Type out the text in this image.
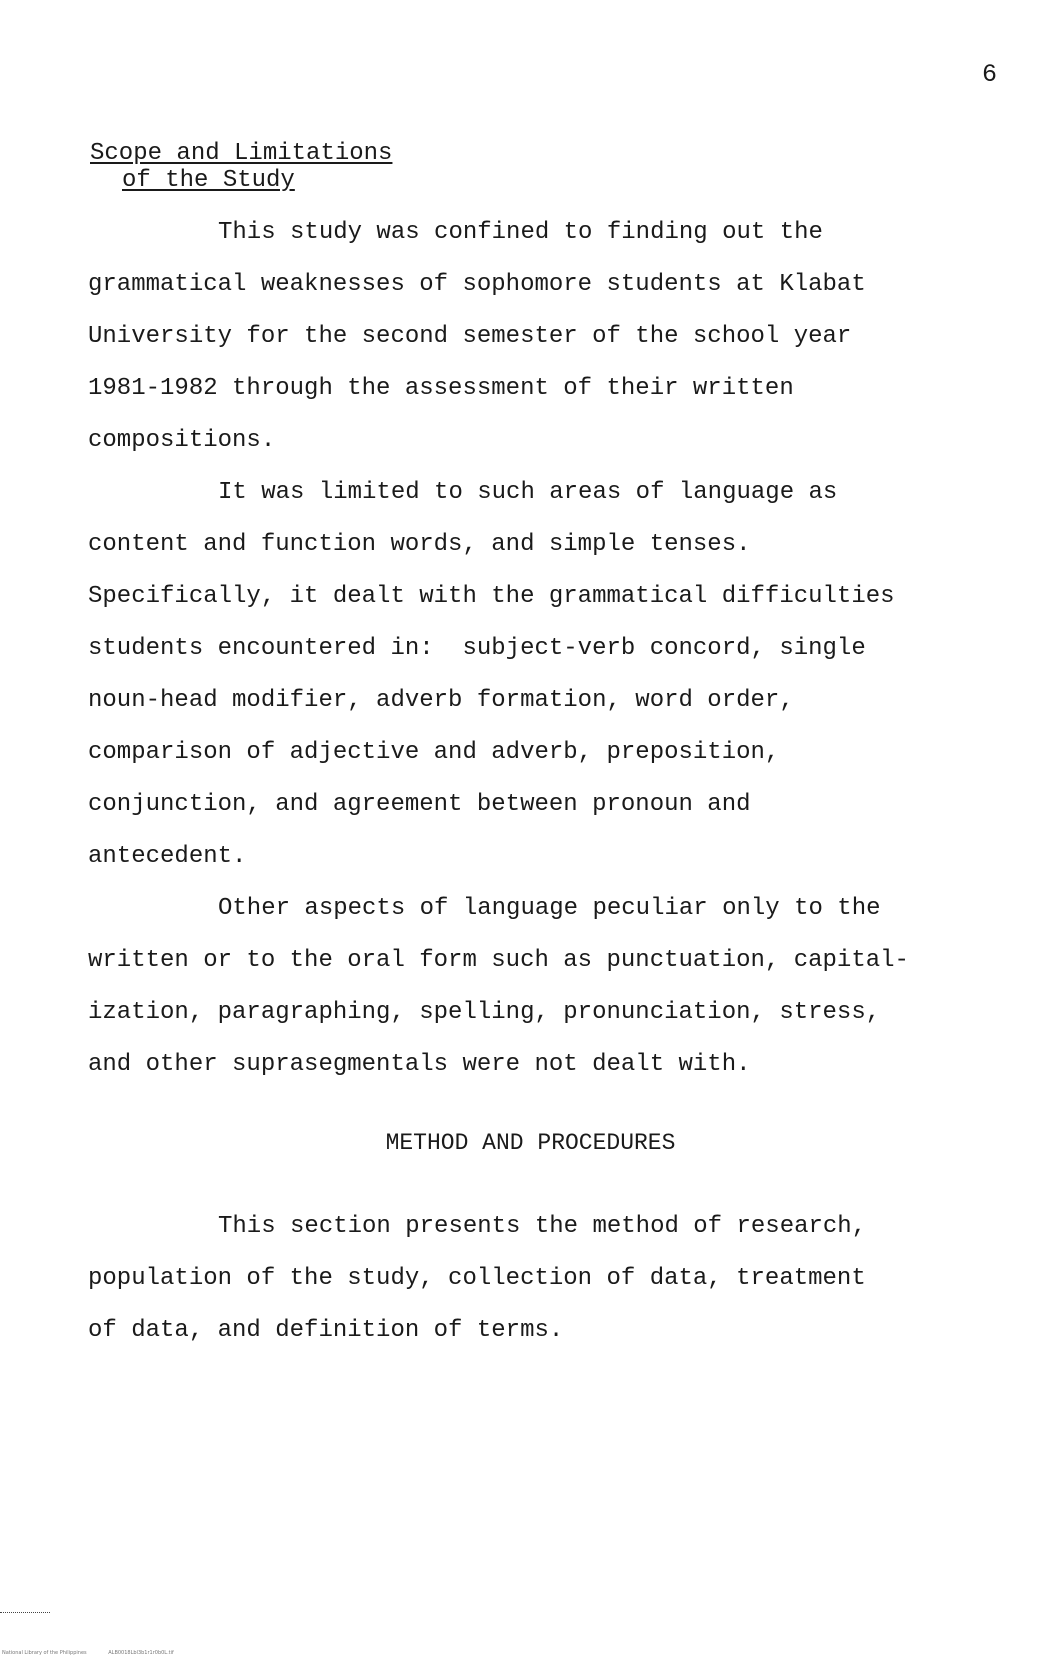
6
Scope and Limitations
of the Study
This study was confined to finding out the
grammatical weaknesses of sophomore students at Klabat
University for the second semester of the school year
1981-1982 through the assessment of their written
compositions.
It was limited to such areas of language as
content and function words, and simple tenses.
Specifically, it dealt with the grammatical difficulties
students encountered in:  subject-verb concord, single
noun-head modifier, adverb formation, word order,
comparison of adjective and adverb, preposition,
conjunction, and agreement between pronoun and
antecedent.
Other aspects of language peculiar only to the
written or to the oral form such as punctuation, capital-
ization, paragraphing, spelling, pronunciation, stress,
and other suprasegmentals were not dealt with.
METHOD AND PROCEDURES
This section presents the method of research,
population of the study, collection of data, treatment
of data, and definition of terms.
National Library of the Philippines	ALB0018Lbl3b1r1r0b0L.tif
